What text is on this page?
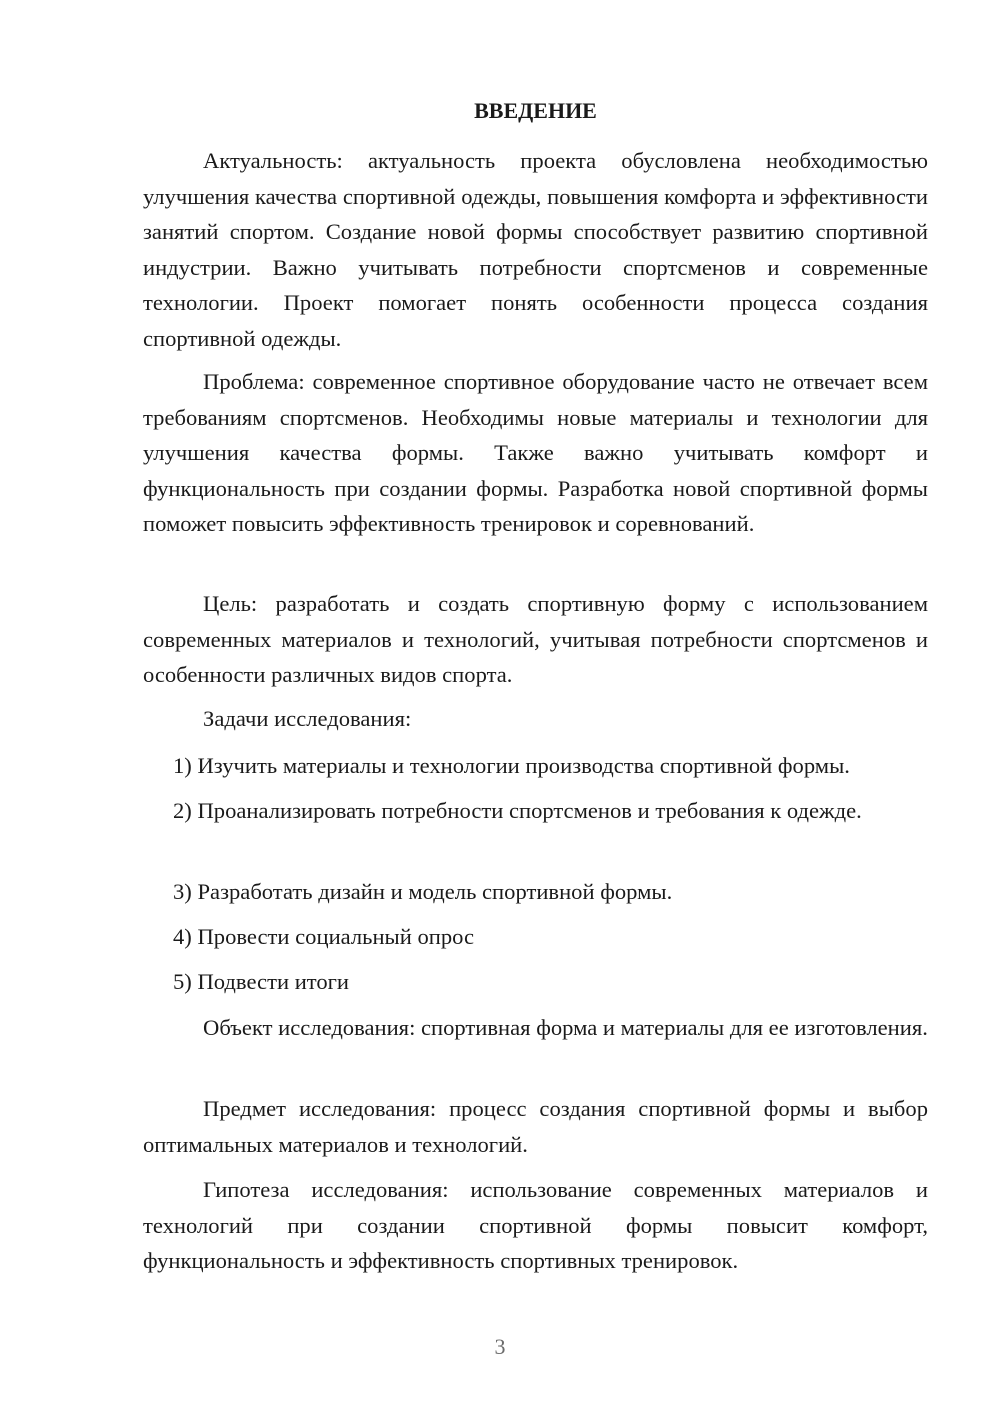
ВВЕДЕНИЕ

Актуальность: актуальность проекта обусловлена необходимостью улучшения качества спортивной одежды, повышения комфорта и эффективности занятий спортом. Создание новой формы способствует развитию спортивной индустрии. Важно учитывать потребности спортсменов и современные технологии. Проект помогает понять особенности процесса создания спортивной одежды.

Проблема: современное спортивное оборудование часто не отвечает всем требованиям спортсменов. Необходимы новые материалы и технологии для улучшения качества формы. Также важно учитывать комфорт и функциональность при создании формы. Разработка новой спортивной формы поможет повысить эффективность тренировок и соревнований.

Цель: разработать и создать спортивную форму с использованием современных материалов и технологий, учитывая потребности спортсменов и особенности различных видов спорта.

Задачи исследования:

1) Изучить материалы и технологии производства спортивной формы.

2) Проанализировать потребности спортсменов и требования к одежде.

3) Разработать дизайн и модель спортивной формы.

4) Провести социальный опрос

5) Подвести итоги

Объект исследования: спортивная форма и материалы для ее изготовления.

Предмет исследования: процесс создания спортивной формы и выбор оптимальных материалов и технологий.

Гипотеза исследования: использование современных материалов и технологий при создании спортивной формы повысит комфорт, функциональность и эффективность спортивных тренировок.

3
